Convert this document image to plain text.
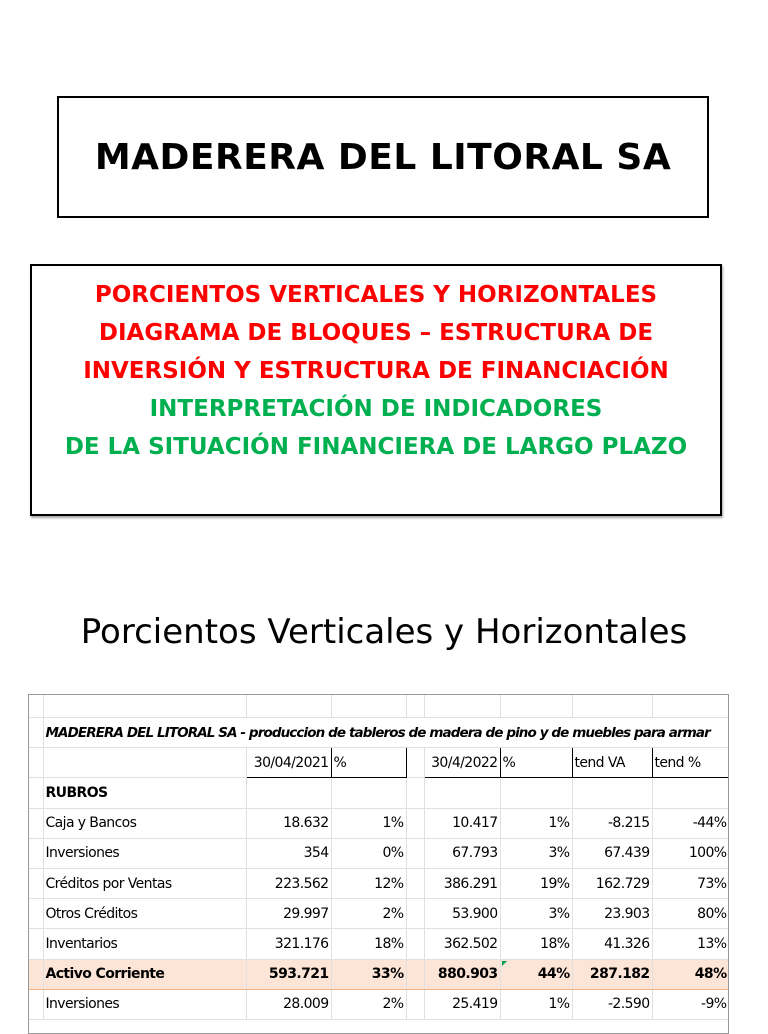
MADERERA DEL LITORAL SA
PORCIENTOS VERTICALES Y HORIZONTALES
DIAGRAMA DE BLOQUES – ESTRUCTURA DE
INVERSIÓN Y ESTRUCTURA DE FINANCIACIÓN
INTERPRETACIÓN DE INDICADORES
DE LA SITUACIÓN FINANCIERA DE LARGO PLAZO
Porcientos Verticales y Horizontales

	MADERERA DEL LITORAL SA - produccion de tableros de madera de pino y de muebles para armar							
		30/04/2021	%		30/4/2022	%	tend VA	tend %
	RUBROS							
	Caja y Bancos	18.632	1%		10.417	1%	-8.215	-44%
	Inversiones	354	0%		67.793	3%	67.439	100%
	Créditos por Ventas	223.562	12%		386.291	19%	162.729	73%
	Otros Créditos	29.997	2%		53.900	3%	23.903	80%
	Inventarios	321.176	18%		362.502	18%	41.326	13%
	Activo Corriente	593.721	33%		880.903	44%	287.182	48%
	Inversiones	28.009	2%		25.419	1%	-2.590	-9%
